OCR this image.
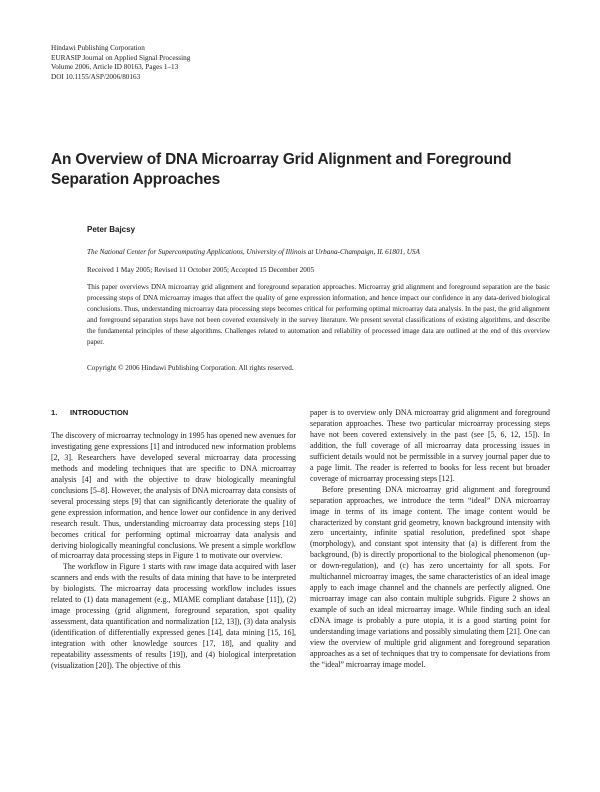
Hindawi Publishing Corporation
EURASIP Journal on Applied Signal Processing
Volume 2006, Article ID 80163, Pages 1–13
DOI 10.1155/ASP/2006/80163
An Overview of DNA Microarray Grid Alignment and Foreground Separation Approaches
Peter Bajcsy
The National Center for Supercomputing Applications, University of Illinois at Urbana-Champaign, IL 61801, USA
Received 1 May 2005; Revised 11 October 2005; Accepted 15 December 2005

This paper overviews DNA microarray grid alignment and foreground separation approaches. Microarray grid alignment and foreground separation are the basic processing steps of DNA microarray images that affect the quality of gene expression information, and hence impact our confidence in any data-derived biological conclusions. Thus, understanding microarray data processing steps becomes critical for performing optimal microarray data analysis. In the past, the grid alignment and foreground separation steps have not been covered extensively in the survey literature. We present several classifications of existing algorithms, and describe the fundamental principles of these algorithms. Challenges related to automation and reliability of processed image data are outlined at the end of this overview paper.

Copyright © 2006 Hindawi Publishing Corporation. All rights reserved.
1. INTRODUCTION

The discovery of microarray technology in 1995 has opened new avenues for investigating gene expressions [1] and introduced new information problems [2, 3]. Researchers have developed several microarray data processing methods and modeling techniques that are specific to DNA microarray analysis [4] and with the objective to draw biologically meaningful conclusions [5–8]. However, the analysis of DNA microarray data consists of several processing steps [9] that can significantly deteriorate the quality of gene expression information, and hence lower our confidence in any derived research result. Thus, understanding microarray data processing steps [10] becomes critical for performing optimal microarray data analysis and deriving biologically meaningful conclusions. We present a simple workflow of microarray data processing steps in Figure 1 to motivate our overview.

The workflow in Figure 1 starts with raw image data acquired with laser scanners and ends with the results of data mining that have to be interpreted by biologists. The microarray data processing workflow includes issues related to (1) data management (e.g., MIAME compliant database [11]), (2) image processing (grid alignment, foreground separation, spot quality assessment, data quantification and normalization [12, 13]), (3) data analysis (identification of differentially expressed genes [14], data mining [15, 16], integration with other knowledge sources [17, 18], and quality and repeatability assessments of results [19]), and (4) biological interpretation (visualization [20]). The objective of this

paper is to overview only DNA microarray grid alignment and foreground separation approaches. These two particular microarray processing steps have not been covered extensively in the past (see [5, 6, 12, 15]). In addition, the full coverage of all microarray data processing issues in sufficient details would not be permissible in a survey journal paper due to a page limit. The reader is referred to books for less recent but broader coverage of microarray processing steps [12].

Before presenting DNA microarray grid alignment and foreground separation approaches, we introduce the term “ideal” DNA microarray image in terms of its image content. The image content would be characterized by constant grid geometry, known background intensity with zero uncertainty, infinite spatial resolution, predefined spot shape (morphology), and constant spot intensity that (a) is different from the background, (b) is directly proportional to the biological phenomenon (up- or down-regulation), and (c) has zero uncertainty for all spots. For multichannel microarray images, the same characteristics of an ideal image apply to each image channel and the channels are perfectly aligned. One microarray image can also contain multiple subgrids. Figure 2 shows an example of such an ideal microarray image. While finding such an ideal cDNA image is probably a pure utopia, it is a good starting point for understanding image variations and possibly simulating them [21]. One can view the overview of multiple grid alignment and foreground separation approaches as a set of techniques that try to compensate for deviations from the “ideal” microarray image model.
